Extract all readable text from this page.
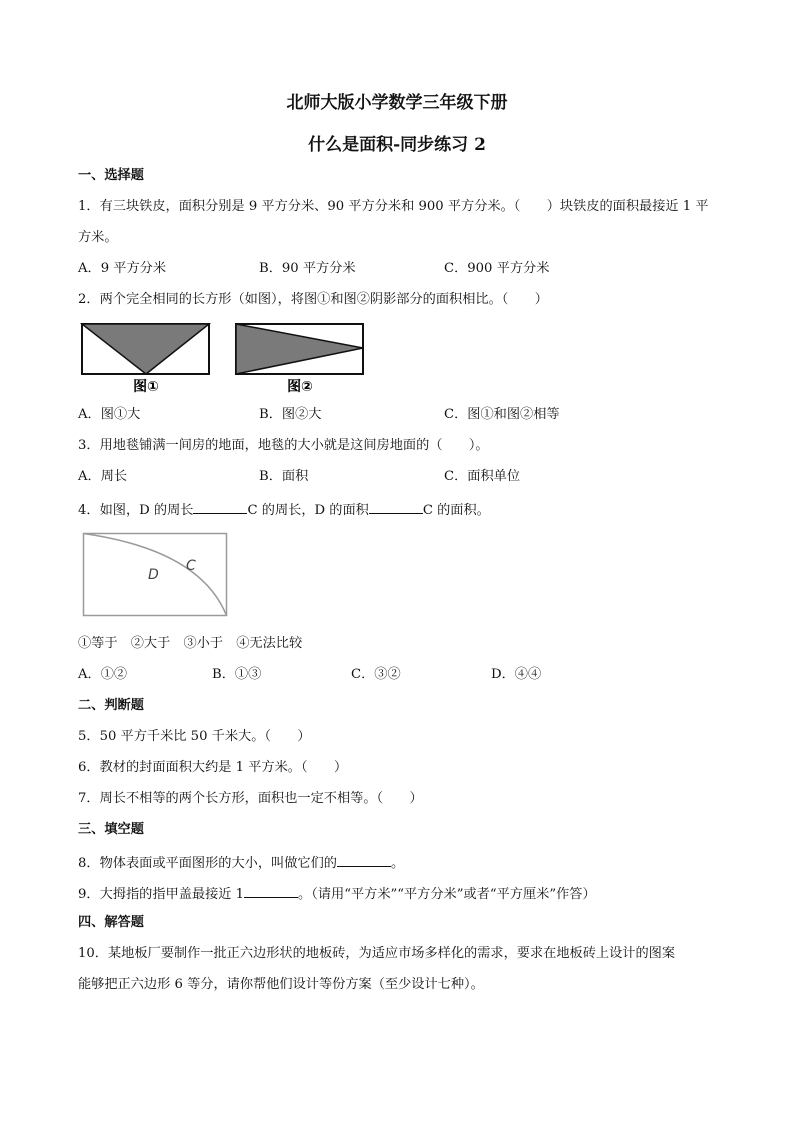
北师大版小学数学三年级下册
什么是面积-同步练习 2
一、选择题
1．有三块铁皮，面积分别是 9 平方分米、90 平方分米和 900 平方分米。（　　）块铁皮的面积最接近 1 平
方米。
A．9 平方分米	B．90 平方分米	C．900 平方分米
2．两个完全相同的长方形（如图），将图①和图②阴影部分的面积相比。（　　）
图①	图②
A．图①大	B．图②大	C．图①和图②相等
3．用地毯铺满一间房的地面，地毯的大小就是这间房地面的（　　）。
A．周长	B．面积	C．面积单位
4．如图，D 的周长	C 的周长，D 的面积	C 的面积。
D
C
①等于　②大于　③小于　④无法比较
A．①②	B．①③	C．③②	D．④④
二、判断题
5．50 平方千米比 50 千米大。（　　）
6．教材的封面面积大约是 1 平方米。（　　）
7．周长不相等的两个长方形，面积也一定不相等。（　　）
三、填空题
8．物体表面或平面图形的大小，叫做它们的	。
9．大拇指的指甲盖最接近 1	。（请用“平方米”“平方分米”或者“平方厘米”作答）
四、解答题
10．某地板厂要制作一批正六边形状的地板砖，为适应市场多样化的需求，要求在地板砖上设计的图案
能够把正六边形 6 等分，请你帮他们设计等份方案（至少设计七种）。
